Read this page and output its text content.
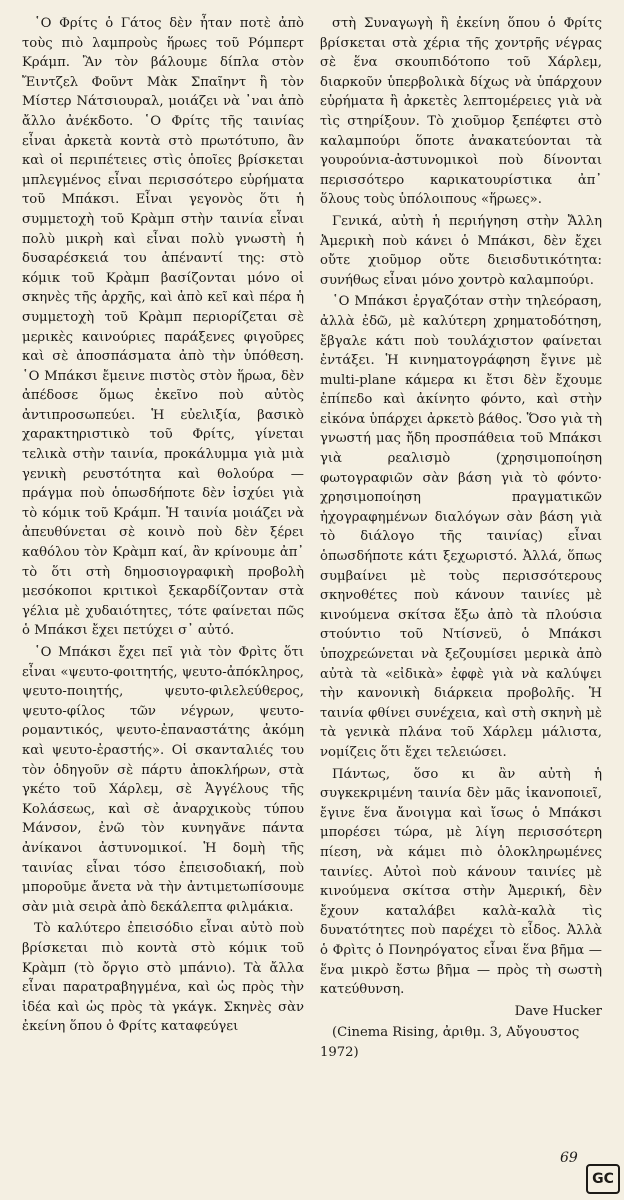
῾Ο Φρίτς ὁ Γάτος δὲν ἦταν ποτὲ ἀπὸ τοὺς πιὸ λαμπροὺς ἥρωες τοῦ Ρόμπερτ Κράμπ. Ἂν τὸν βάλουμε δίπλα στὸν Ἔιντζελ Φοῦντ Μὰκ Σπαῖηντ ἢ τὸν Μίστερ Νάτσιουραλ, μοιάζει νὰ ᾽ναι ἀπὸ ἄλλο ἀνέκδοτο. ῾Ο Φρίτς τῆς ταινίας εἶναι ἀρκετὰ κοντὰ στὸ πρωτότυπο, ἂν καὶ οἱ περιπέτειες στὶς ὁποῖες βρίσκεται μπλεγμένος εἶναι περισσότερο εὑρήματα τοῦ Μπάκσι. Εἶναι γεγονὸς ὅτι ἡ συμμετοχὴ τοῦ Κρὰμπ στὴν ταινία εἶναι πολὺ μικρὴ καὶ εἶναι πολὺ γνωστὴ ἡ δυσαρέσκειά του ἀπέναντί της: στὸ κόμικ τοῦ Κρὰμπ βασίζονται μόνο οἱ σκηνὲς τῆς ἀρχῆς, καὶ ἀπὸ κεῖ καὶ πέρα ἡ συμμετοχὴ τοῦ Κρὰμπ περιορίζεται σὲ μερικὲς καινούριες παράξενες φιγοῦρες καὶ σὲ ἀποσπάσματα ἀπὸ τὴν ὑπόθεση. ῾Ο Μπάκσι ἔμεινε πιστὸς στὸν ἥρωα, δὲν ἀπέδοσε ὅμως ἐκεῖνο ποὺ αὐτὸς ἀντιπροσωπεύει. Ἡ εὐελιξία, βασικὸ χαρακτηριστικὸ τοῦ Φρίτς, γίνεται τελικὰ στὴν ταινία, προκάλυμμα γιὰ μιὰ γενικὴ ρευστότητα καὶ θολούρα — πράγμα ποὺ ὁπωσδήποτε δὲν ἰσχύει γιὰ τὸ κόμικ τοῦ Κράμπ. Ἡ ταινία μοιάζει νὰ ἀπευθύνεται σὲ κοινὸ ποὺ δὲν ξέρει καθόλου τὸν Κρὰμπ καί, ἂν κρίνουμε ἀπ᾽ τὸ ὅτι στὴ δημοσιογραφικὴ προβολὴ μεσόκοποι κριτικοὶ ξεκαρδίζονταν στὰ γέλια μὲ χυδαιότητες, τότε φαίνεται πῶς ὁ Μπάκσι ἔχει πετύχει σ᾽ αὐτό.

῾Ο Μπάκσι ἔχει πεῖ γιὰ τὸν Φρὶτς ὅτι εἶναι «ψευτο-φοιτητής, ψευτο-ἀπόκληρος, ψευτο-ποιητής, ψευτο-φιλελεύθερος, ψευτο-φίλος τῶν νέγρων, ψευτο-ρομαντικός, ψευτο-ἐπαναστάτης ἀκόμη καὶ ψευτο-ἐραστής». Οἱ σκανταλιές του τὸν ὁδηγοῦν σὲ πάρτυ ἀποκλήρων, στὰ γκέτο τοῦ Χάρλεμ, σὲ Ἀγγέλους τῆς Κολάσεως, καὶ σὲ ἀναρχικοὺς τύπου Μάνσον, ἐνῶ τὸν κυνηγᾶνε πάντα ἀνίκανοι ἀστυνομικοί. Ἡ δομὴ τῆς ταινίας εἶναι τόσο ἐπεισοδιακή, ποὺ μποροῦμε ἄνετα νὰ τὴν ἀντιμετωπίσουμε σὰν μιὰ σειρὰ ἀπὸ δεκάλεπτα φιλμάκια.

Τὸ καλύτερο ἐπεισόδιο εἶναι αὐτὸ ποὺ βρίσκεται πιὸ κοντὰ στὸ κόμικ τοῦ Κρὰμπ (τὸ ὄργιο στὸ μπάνιο). Τὰ ἄλλα εἶναι παρατραβηγμένα, καὶ ὡς πρὸς τὴν ἰδέα καὶ ὡς πρὸς τὰ γκάγκ. Σκηνὲς σὰν ἐκείνη ὅπου ὁ Φρίτς καταφεύγει

στὴ Συναγωγὴ ἢ ἐκείνη ὅπου ὁ Φρίτς βρίσκεται στὰ χέρια τῆς χοντρῆς νέγρας σὲ ἕνα σκουπιδότοπο τοῦ Χάρλεμ, διαρκοῦν ὑπερβολικὰ δίχως νὰ ὑπάρχουν εὑρήματα ἢ ἀρκετὲς λεπτομέρειες γιὰ νὰ τὶς στηρίξουν. Τὸ χιοῦμορ ξεπέφτει στὸ καλαμπούρι ὅποτε ἀνακατεύονται τὰ γουρούνια-ἀστυνομικοὶ ποὺ δίνονται περισσότερο καρικατουρίστικα ἀπ᾽ ὅλους τοὺς ὑπόλοιπους «ἥρωες».

Γενικά, αὐτὴ ἡ περιήγηση στὴν Ἄλλη Ἀμερικὴ ποὺ κάνει ὁ Μπάκσι, δὲν ἔχει οὔτε χιοῦμορ οὔτε διεισδυτικότητα: συνήθως εἶναι μόνο χοντρὸ καλαμπούρι.

῾Ο Μπάκσι ἐργαζόταν στὴν τηλεόραση, ἀλλὰ ἐδῶ, μὲ καλύτερη χρηματοδότηση, ἔβγαλε κάτι ποὺ τουλάχιστον φαίνεται ἐντάξει. Ἡ κινηματογράφηση ἔγινε μὲ multi-plane κάμερα κι ἔτσι δὲν ἔχουμε ἐπίπεδο καὶ ἀκίνητο φόντο, καὶ στὴν εἰκόνα ὑπάρχει ἀρκετὸ βάθος. Ὅσο γιὰ τὴ γνωστή μας ἤδη προσπάθεια τοῦ Μπάκσι γιὰ ρεαλισμὸ (χρησιμοποίηση φωτογραφιῶν σὰν βάση γιὰ τὸ φόντο· χρησιμοποίηση πραγματικῶν ἠχογραφημένων διαλόγων σὰν βάση γιὰ τὸ διάλογο τῆς ταινίας) εἶναι ὁπωσδήποτε κάτι ξεχωριστό. Ἀλλά, ὅπως συμβαίνει μὲ τοὺς περισσότερους σκηνοθέτες ποὺ κάνουν ταινίες μὲ κινούμενα σκίτσα ἔξω ἀπὸ τὰ πλούσια στούντιο τοῦ Ντίσνεϋ, ὁ Μπάκσι ὑποχρεώνεται νὰ ξεζουμίσει μερικὰ ἀπὸ αὐτὰ τὰ «εἰδικὰ» ἐφφὲ γιὰ νὰ καλύψει τὴν κανονικὴ διάρκεια προβολῆς. Ἡ ταινία φθίνει συνέχεια, καὶ στὴ σκηνὴ μὲ τὰ γενικὰ πλάνα τοῦ Χάρλεμ μάλιστα, νομίζεις ὅτι ἔχει τελειώσει.

Πάντως, ὅσο κι ἂν αὐτὴ ἡ συγκεκριμένη ταινία δὲν μᾶς ἱκανοποιεῖ, ἔγινε ἕνα ἄνοιγμα καὶ ἴσως ὁ Μπάκσι μπορέσει τώρα, μὲ λίγη περισσότερη πίεση, νὰ κάμει πιὸ ὁλοκληρωμένες ταινίες. Αὐτοὶ ποὺ κάνουν ταινίες μὲ κινούμενα σκίτσα στὴν Ἀμερική, δὲν ἔχουν καταλάβει καλὰ-καλὰ τὶς δυνατότητες ποὺ παρέχει τὸ εἶδος. Ἀλλὰ ὁ Φρὶτς ὁ Πονηρόγατος εἶναι ἕνα βῆμα — ἕνα μικρὸ ἔστω βῆμα — πρὸς τὴ σωστὴ κατεύθυνση.

Dave Hucker

(Cinema Rising, ἀριθμ. 3, Αὔγουστος 1972)

69
GC
